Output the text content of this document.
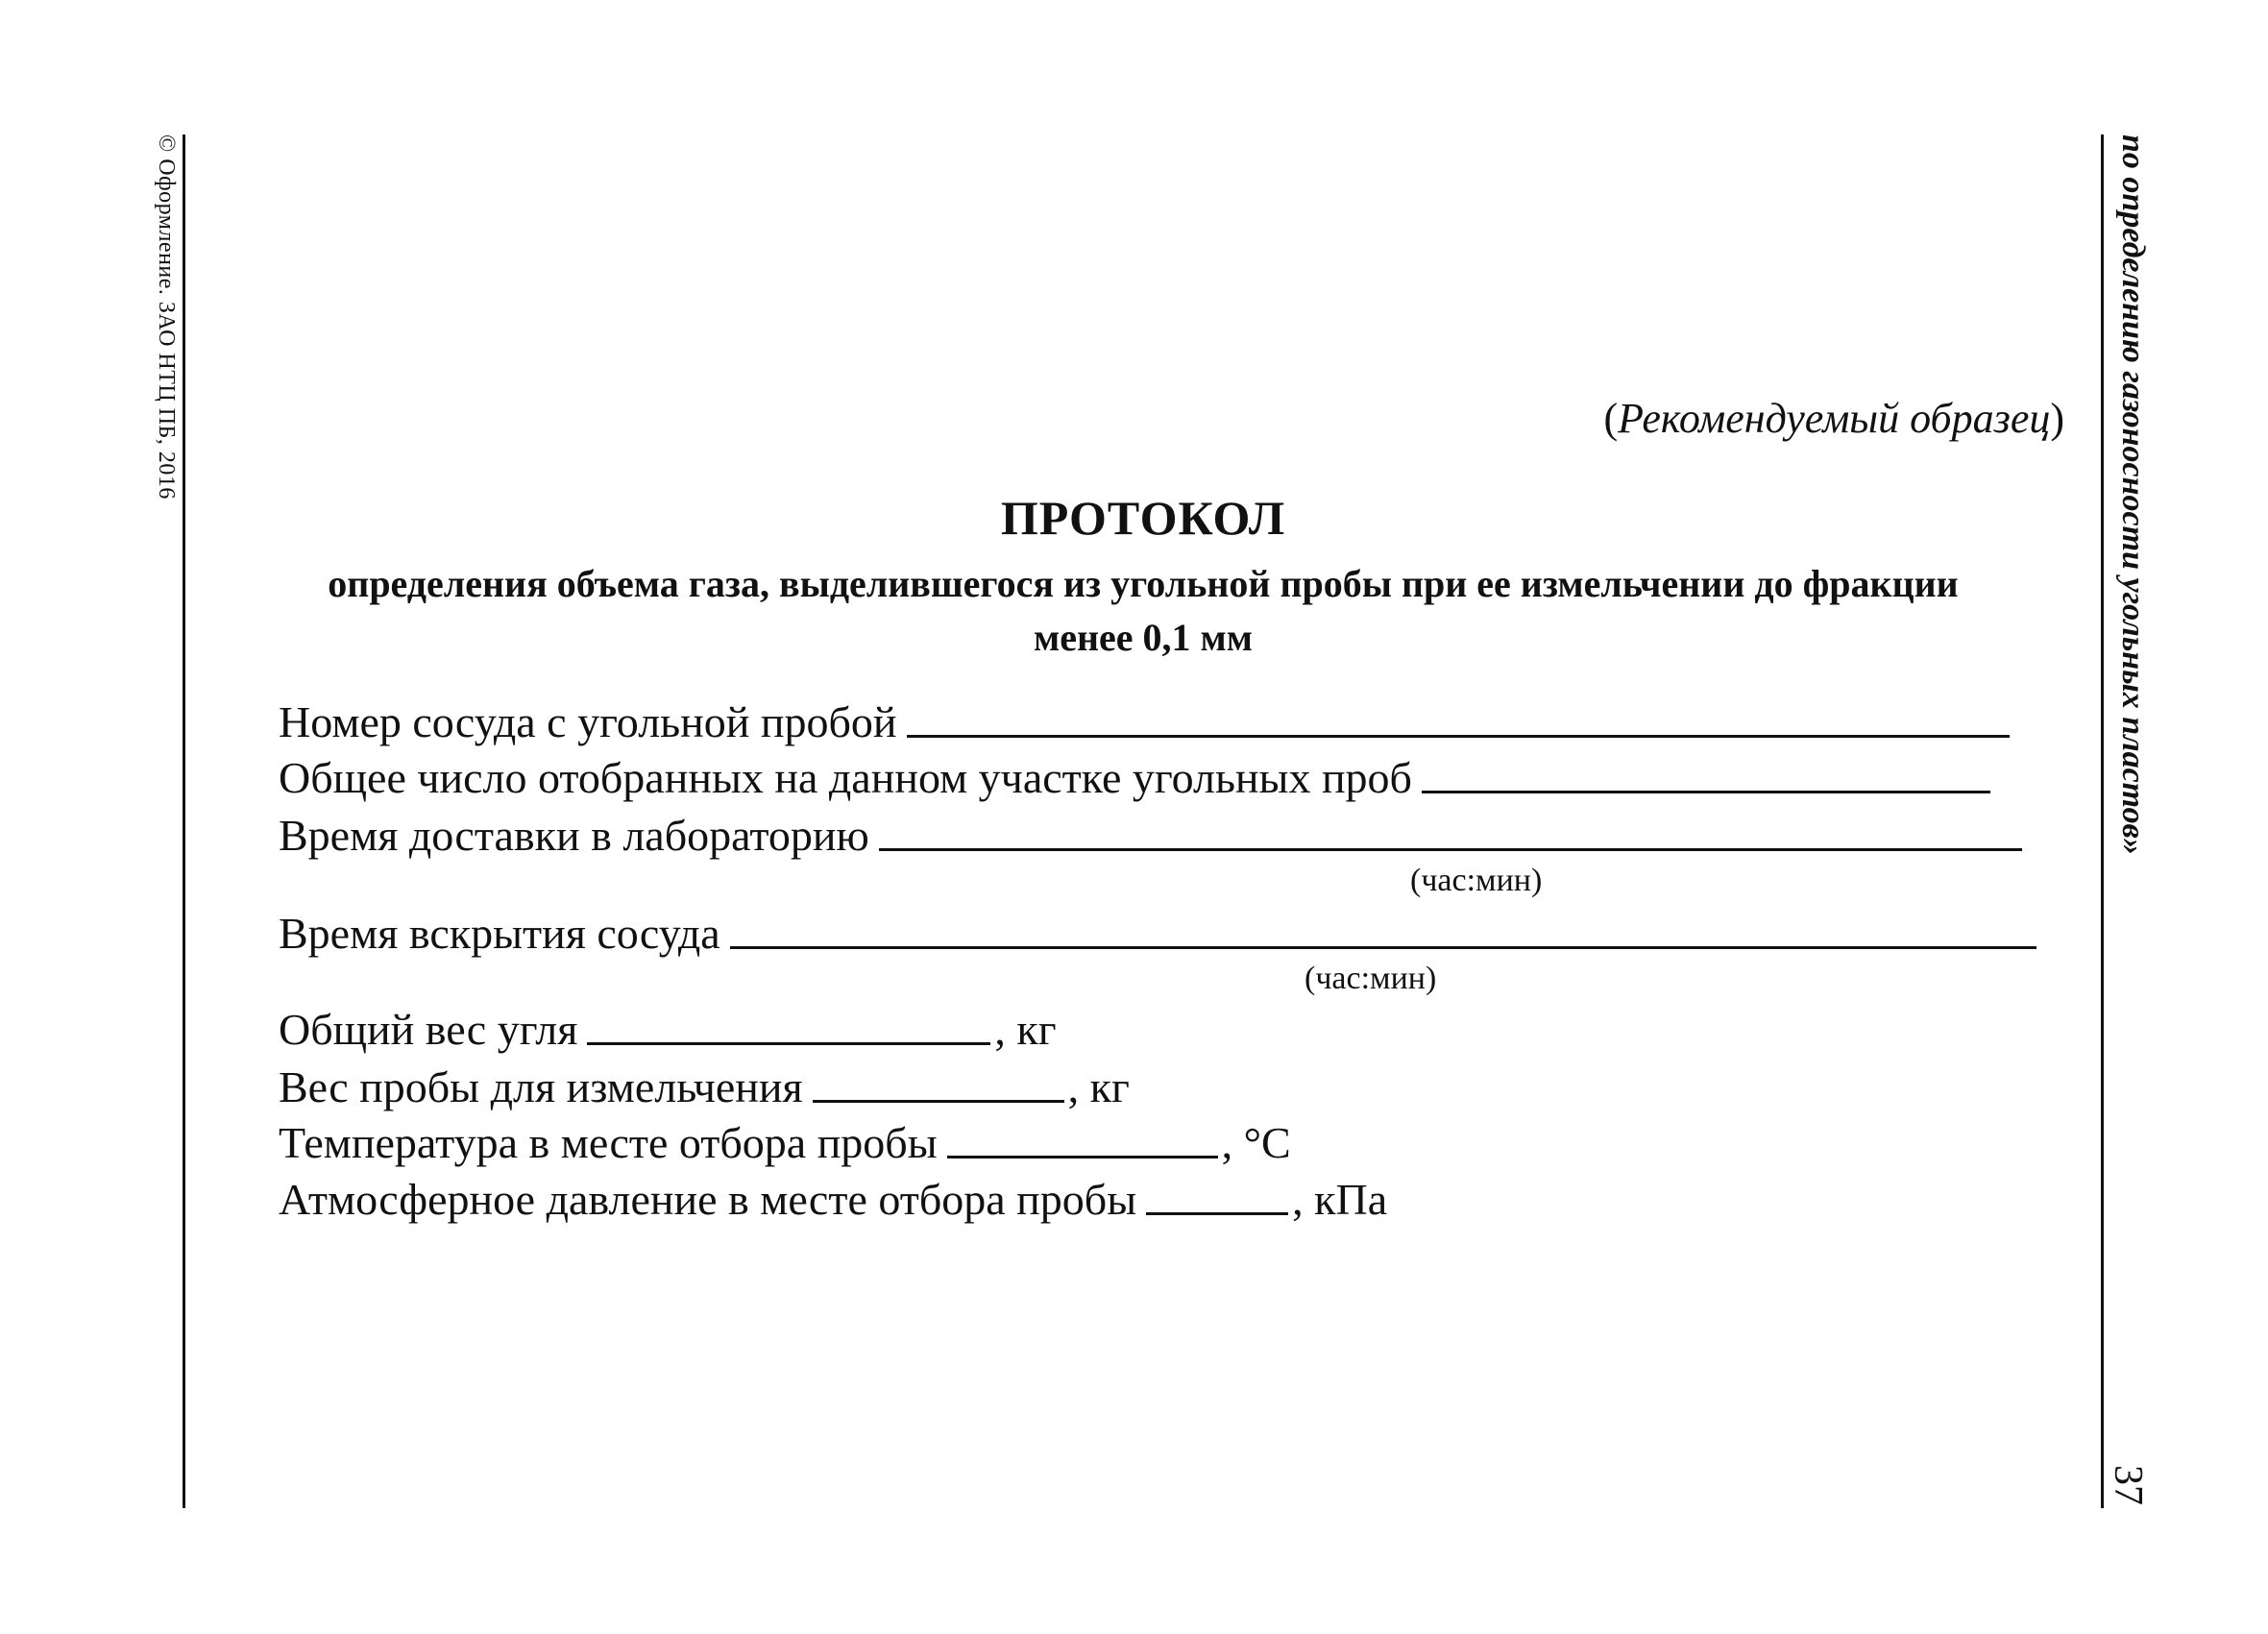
© Оформление. ЗАО НТЦ ПБ, 2016	по определению газоносности угольных пластов»
37
(Рекомендуемый образец)
ПРОТОКОЛ
определения объема газа, выделившегося из угольной пробы при ее измельчении до фракции
менее 0,1 мм
Номер сосуда с угольной пробой
Общее число отобранных на данном участке угольных проб
Время доставки в лабораторию
(час:мин)
Время вскрытия сосуда
(час:мин)
Общий вес угля	, кг
Вес пробы для измельчения	, кг
Температура в месте отбора пробы	, °С
Атмосферное давление в месте отбора пробы	, кПа
